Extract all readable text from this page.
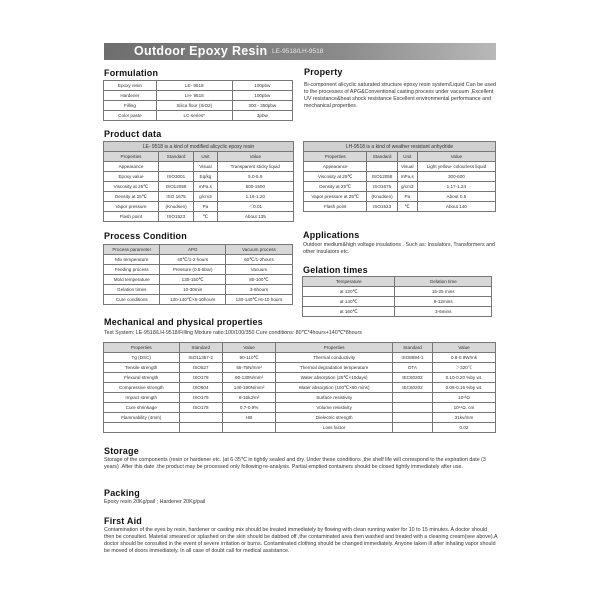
Outdoor Epoxy Resin LE-9518/LH-9518
Formulation
Epoxy resin	LE- 9518	100pbw
Hardener	LH- 9518	100pbw
Filling	Silica flour (SiO2)	300 - 350pbw
Color paste	LC-series*	3pbw
Property
Bi-component alicyclic saturated structure epoxy resin system/Liquid Can be used to the processes of APG&Conventional casting process under vacuum ,Excellent UV resistance&heat shock resistance Excellent environmental performance and mechanical properties.
Product data
LE- 9518 is a kind of modified alicyclic epoxy resin			
Properties	Standard	Unit	Value
Appearance		Visual	Transparent sticky liquid
Epoxy value	ISO3001	Eq/kg	5.0-5.9
Viscosity at 25℃	ISO12058	mPa.s	600-1500
Density at 25℃	ISO 1675	g/cm3	1.16-1.20
Vapor pressure	(Knudsen)	Pa	＜0.01
Flash point	ISO1523	℃	About 135
LH-9518 is a kind of weather resistant anhydride			
Properties	Standard	Unit	Value
Appearance		Visual	Light yellow- colourless liquid
Viscosity at 25℃	ISO12058	mPa.s	300-600
Density at 25℃	ISO1675	g/cm3	1.17-1.24
Vapor pressure at 25℃	(Knudsen)	Pa	About 0.5
Flash point	ISO1523	℃	About 140
Process Condition
Process parameter	APG	Vacuum process
Mix temperature	40℃/1-2 hours	60℃/1-2hours
Feeding process	Pressure (0.5-5bar)	Vacuum
Mold temperature	130-150℃	80-100℃
Gelation times	10-30min	3-6hours
Cure conditions	130-140℃×6-10hours	130-140℃×6-10 hours
Applications
Outdoor medium&high voltage insulations . Such as: Insulators, Transformers and other insulators etc.
Gelation times
Temperature	Gelation time
at 120℃	15-25 mins
at 140℃	6-12mins
at 160℃	3-6mins
Mechanical and physical properties
Test System: LE-9518/LH-9518/Filling Mixture ratio:100/100/350 Cure conditions: 80℃*4hours+140℃*8hours
Properties	Standard	Value	Properties	Standard	Value
Tg (DSC)	ISO11357-2	90-110℃	Thermal conductivity	ISO8894-1	0.8-0.9W/mk
Tensile strength	ISO527	55-75N/mm²	Thermal degradation temperature	DTA	＞320℃
Flexural strength	ISO178	90-130N/mm²	Water absorption (25℃×10days)	IEC60202	0.10-0.20 %by wt.
Compressive strength	ISO604	140-190N/mm²	Water absorption (100℃×60 mins)	IEC60202	0.08-0.15 %by wt.
Impact strength	ISO179	8-16kJ/m²	Surface resistivity		10¹³Ω
Cure shrinkage	ISO178	0.7-0.9%	Volume resistivity		10¹⁴Ω. cm
Flammability (4mm)		HB	Dielectric strength		31kv/mm
			Loss factor		0.02
Storage
Storage of the components (resin or hardener etc. )at 6-35℃ in tightly sealed and dry. Under these conditions ,the shelf life will correspond to the expiration date (3 years) .After this date .the product may be processed only following re-analysis. Partial emptied containers should be closed tightly immediately after use.
Packing
Epoxy resin 20Kg/pail ; Hardener 20Kg/pail
First Aid
Contamination of the eyes by resin, hardener or casting mix should be treated immediately by flowing with clean running water for 10 to 15 minutes. A doctor should then be consulted. Material smeared or splashed on the skin should be dabbed off ,the contaminated area then washed and treated with a cleaning cream(see above).A doctor should be consulted in the event of severe irritation or burns. Contaminated clothing should be changed immediately. Anyone taken ill after inhaling vapor should be moved of doors immediately. In all case of doubt call for medical assistance.
